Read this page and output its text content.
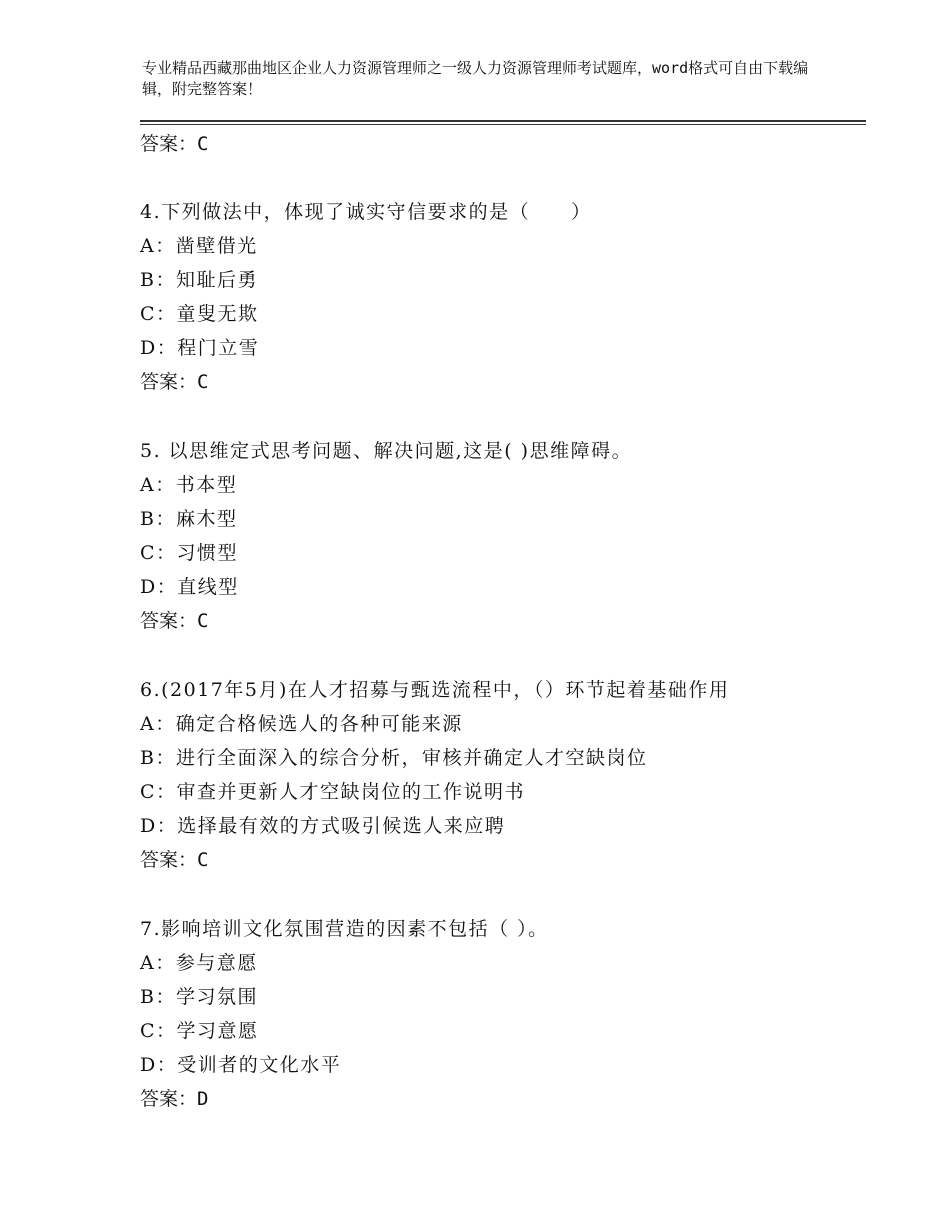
专业精品西藏那曲地区企业人力资源管理师之一级人力资源管理师考试题库，word格式可自由下载编辑，附完整答案！
答案：C
4.下列做法中，体现了诚实守信要求的是（　　）
A：凿壁借光
B：知耻后勇
C：童叟无欺
D：程门立雪
答案：C
5. 以思维定式思考问题、解决问题,这是( )思维障碍。
A：书本型
B：麻木型
C：习惯型
D：直线型
答案：C
6.(2017年5月)在人才招募与甄选流程中，（）环节起着基础作用
A：确定合格候选人的各种可能来源
B：进行全面深入的综合分析，审核并确定人才空缺岗位
C：审查并更新人才空缺岗位的工作说明书
D：选择最有效的方式吸引候选人来应聘
答案：C
7.影响培训文化氛围营造的因素不包括（ ）。
A：参与意愿
B：学习氛围
C：学习意愿
D：受训者的文化水平
答案：D
